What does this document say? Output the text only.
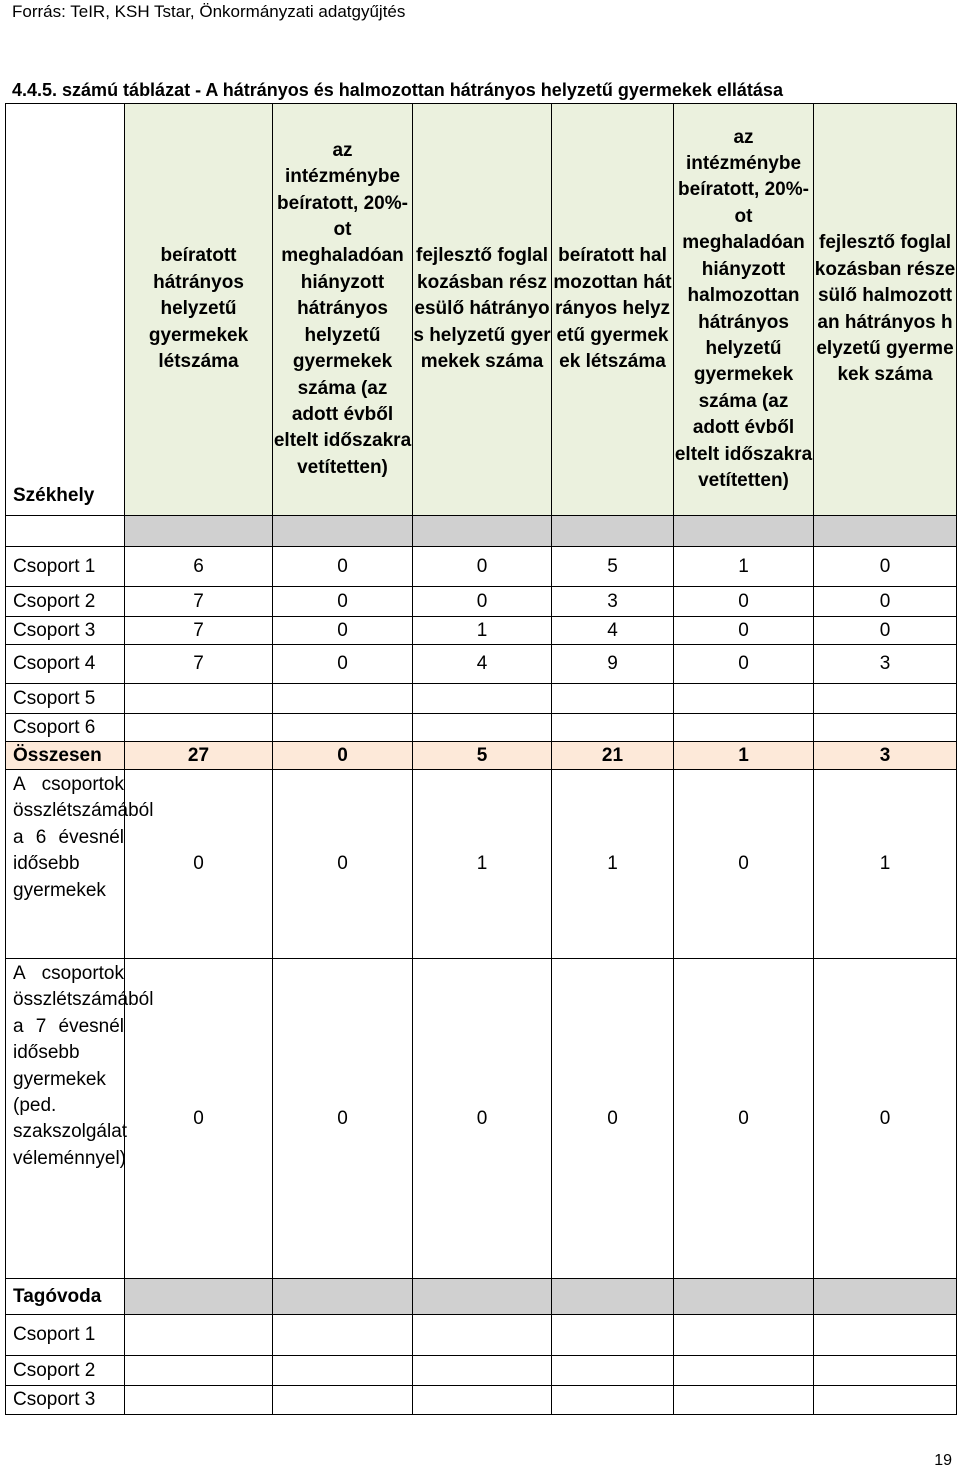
Forrás: TeIR, KSH Tstar, Önkormányzati adatgyűjtés
4.4.5. számú táblázat - A hátrányos és halmozottan hátrányos helyzetű gyermekek ellátása
Székhely	beíratott hátrányos helyzetű gyermekek létszáma	az intézménybe beíratott, 20%-ot meghaladóan hiányzott hátrányos helyzetű gyermekek száma (az adott évből eltelt időszakra vetítetten)	fejlesztő foglalkozásban részesülő hátrányos helyzetű gyermekek száma	beíratott halmozottan hátrányos helyzetű gyermekek létszáma	az intézménybe beíratott, 20%-ot meghaladóan hiányzott halmozottan hátrányos helyzetű gyermekek száma (az adott évből eltelt időszakra vetítetten)	fejlesztő foglalkozásban részesülő halmozottan hátrányos helyzetű gyermekek száma

Csoport 1	6	0	0	5	1	0
Csoport 2	7	0	0	3	0	0
Csoport 3	7	0	1	4	0	0
Csoport 4	7	0	4	9	0	3
Csoport 5						
Csoport 6						
Összesen	27	0	5	21	1	3
A csoportok összlétszámából a 6 évesnél idősebb gyermekek	0	0	1	1	0	1
A csoportok összlétszámából a 7 évesnél idősebb gyermekek (ped. szakszolgálat véleménnyel)	0	0	0	0	0	0
Tagóvoda						
Csoport 1						
Csoport 2						
Csoport 3						
19
